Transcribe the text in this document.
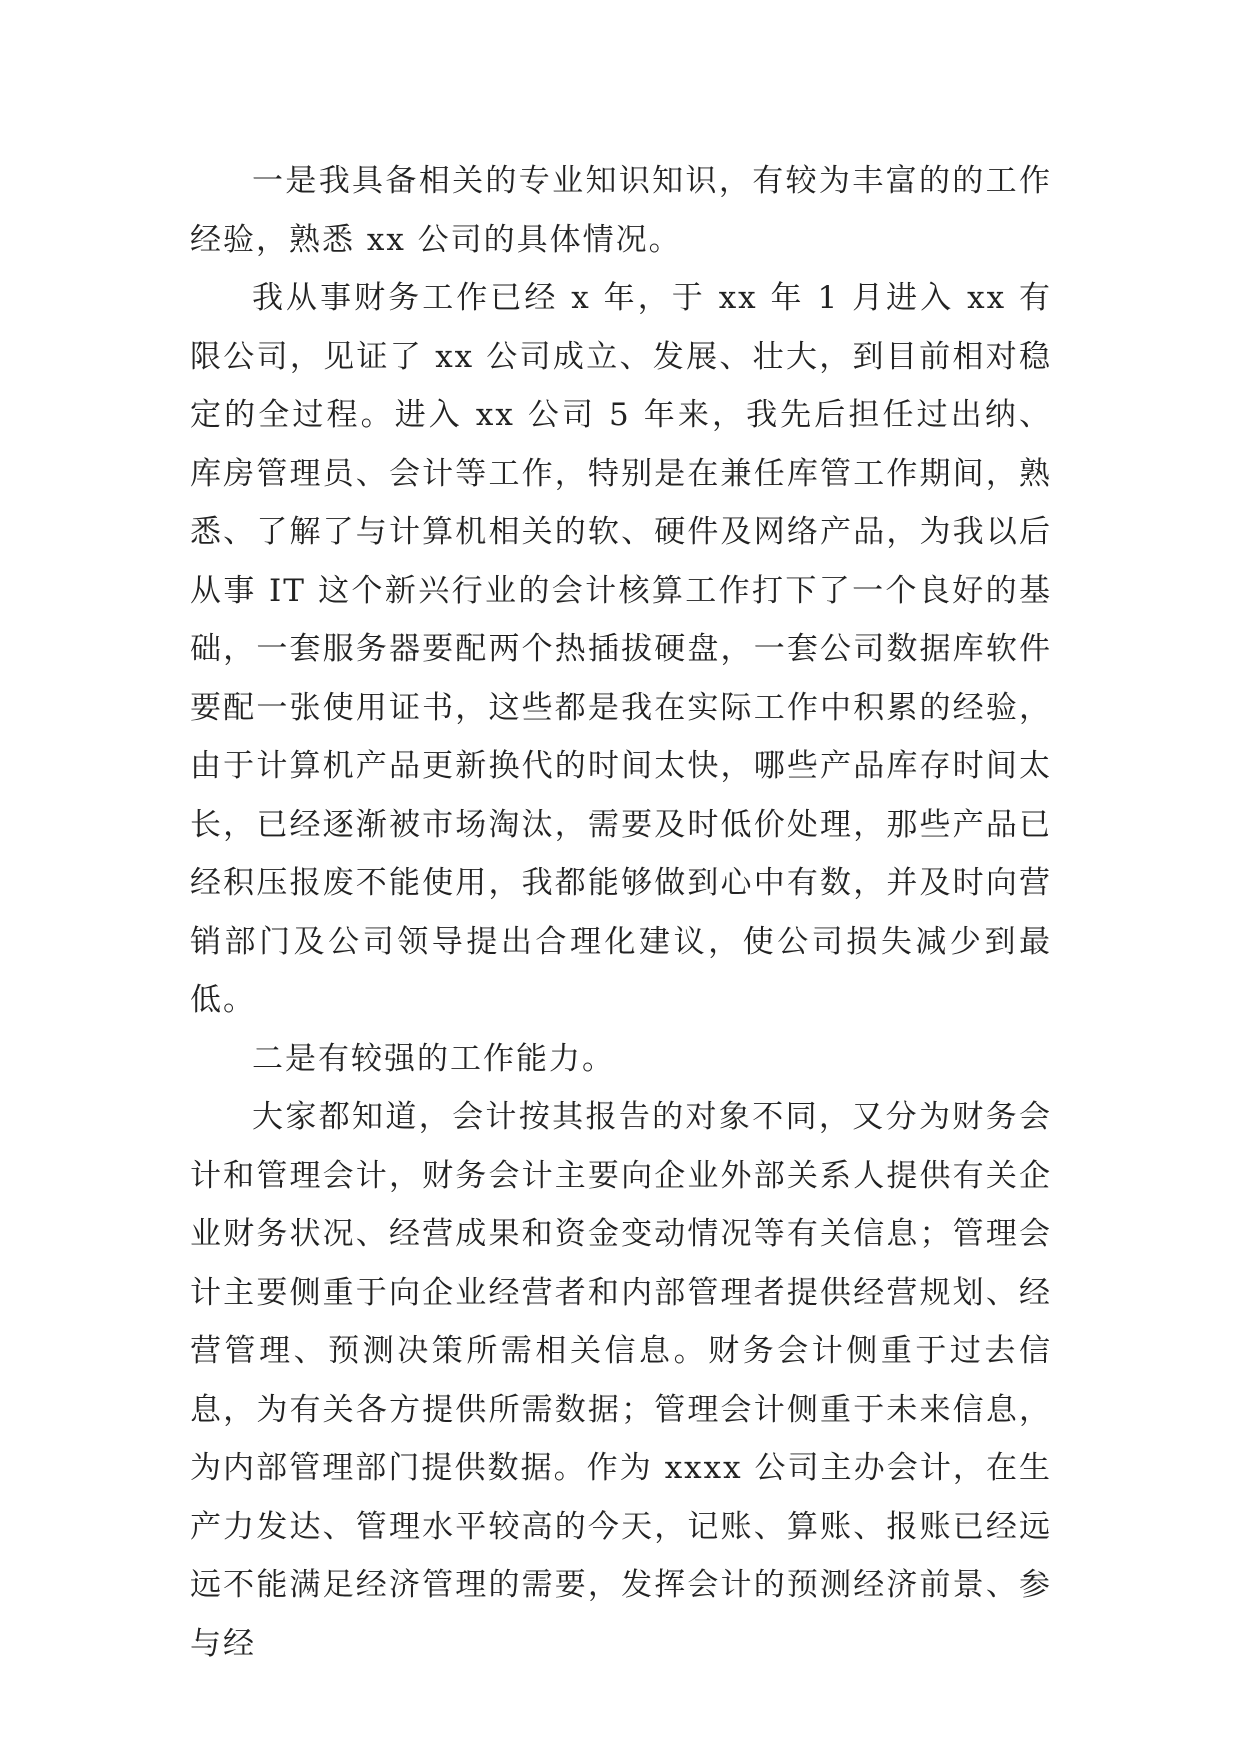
一是我具备相关的专业知识知识，有较为丰富的的工作经验，熟悉 xx 公司的具体情况。

我从事财务工作已经 x 年，于 xx 年 1 月进入 xx 有限公司，见证了 xx 公司成立、发展、壮大，到目前相对稳定的全过程。进入 xx 公司 5 年来，我先后担任过出纳、库房管理员、会计等工作，特别是在兼任库管工作期间，熟悉、了解了与计算机相关的软、硬件及网络产品，为我以后从事 IT 这个新兴行业的会计核算工作打下了一个良好的基础，一套服务器要配两个热插拔硬盘，一套公司数据库软件要配一张使用证书，这些都是我在实际工作中积累的经验，由于计算机产品更新换代的时间太快，哪些产品库存时间太长，已经逐渐被市场淘汰，需要及时低价处理，那些产品已经积压报废不能使用，我都能够做到心中有数，并及时向营销部门及公司领导提出合理化建议，使公司损失减少到最低。

二是有较强的工作能力。

大家都知道，会计按其报告的对象不同，又分为财务会计和管理会计，财务会计主要向企业外部关系人提供有关企业财务状况、经营成果和资金变动情况等有关信息；管理会计主要侧重于向企业经营者和内部管理者提供经营规划、经营管理、预测决策所需相关信息。财务会计侧重于过去信息，为有关各方提供所需数据；管理会计侧重于未来信息，为内部管理部门提供数据。作为 xxxx 公司主办会计，在生产力发达、管理水平较高的今天，记账、算账、报账已经远远不能满足经济管理的需要，发挥会计的预测经济前景、参与经
